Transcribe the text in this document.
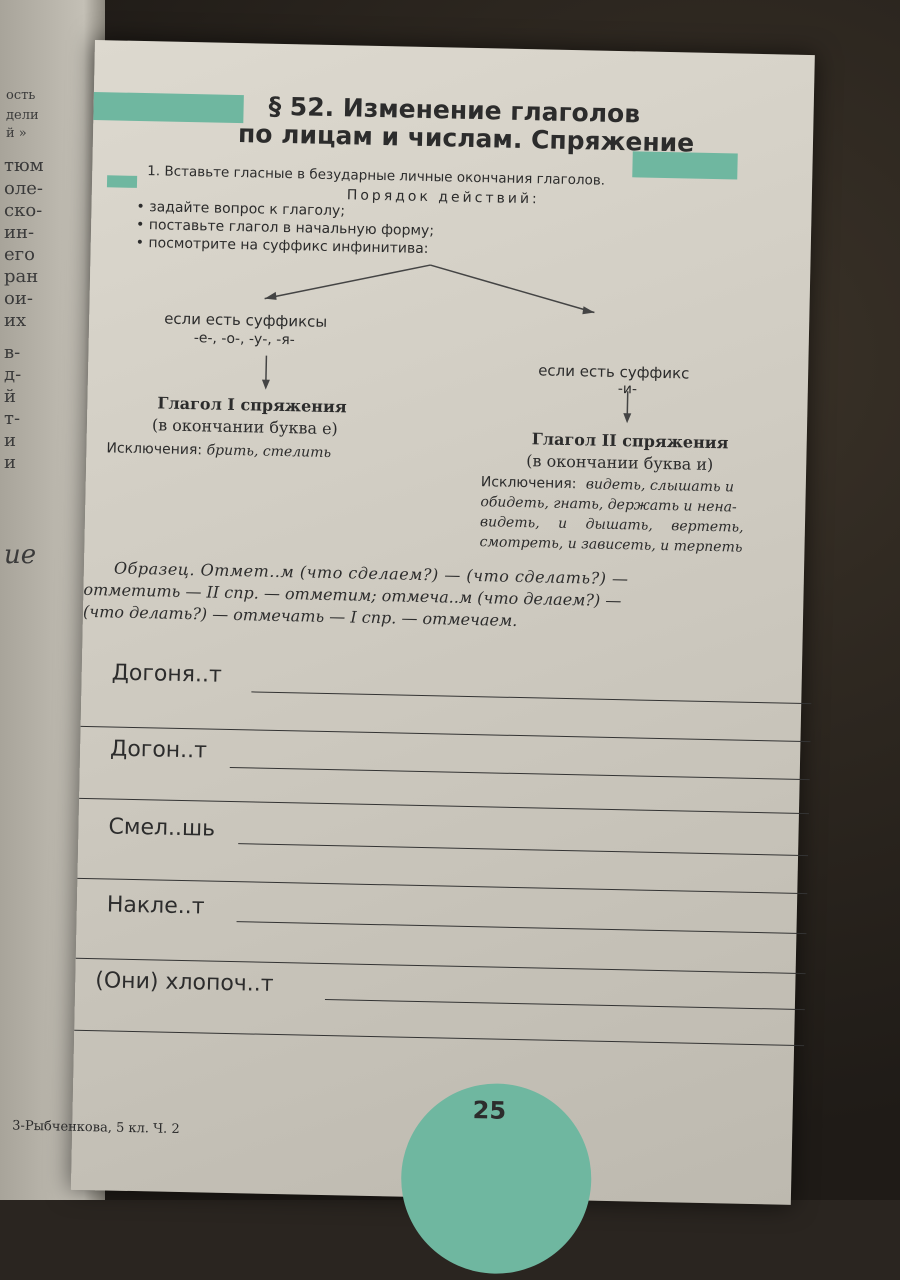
ость
дели
й »
тюм
оле-
ско-
ин-
его
ран
ои-
их
в-
д-
й
т-
и
и
ие
§ 52. Изменение глаголов
по лицам и числам. Спряжение
1. Вставьте гласные в безударные личные окончания глаголов.
Порядок действий:
• задайте вопрос к глаголу;
• поставьте глагол в начальную форму;
• посмотрите на суффикс инфинитива:
если есть суффиксы
-е-, -о-, -у-, -я-
Глагол I спряжения
(в окончании буква е)
Исключения: брить, стелить
если есть суффикс
-и-
Глагол II спряжения
(в окончании буква и)
Исключения: видеть, слышать и
обидеть, гнать, держать и нена-
видеть, и дышать, вертеть,
смотреть, и зависеть, и терпеть
Образец. Отмет..м (что сделаем?) — (что сделать?) —
отметить — II спр. — отметим; отмеча..м (что делаем?) —
(что делать?) — отмечать — I спр. — отмечаем.
Догоня..т
Догон..т
Смел..шь
Накле..т
(Они) хлопоч..т
25
3-Рыбченкова, 5 кл. Ч. 2
